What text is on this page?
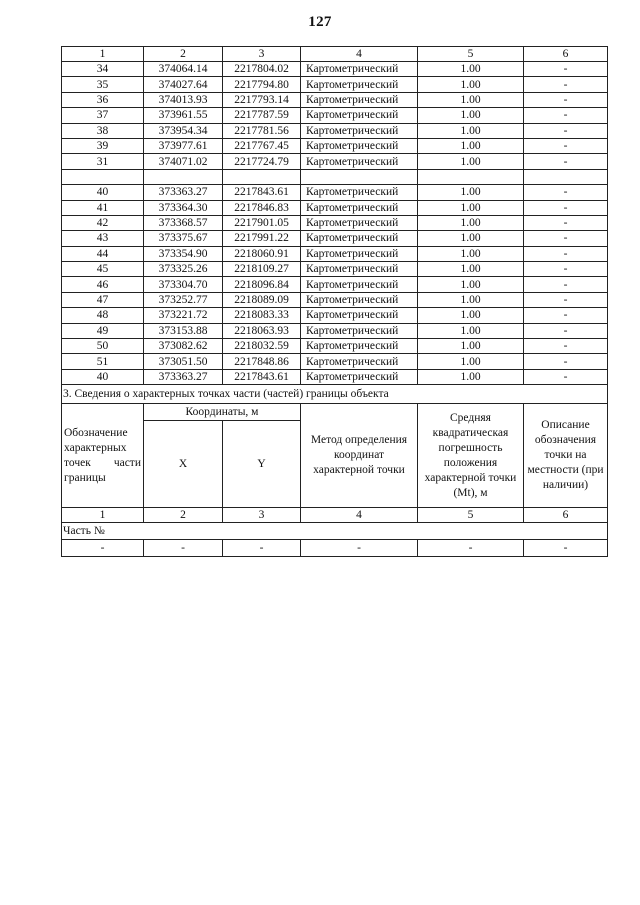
127
1	2	3	4	5	6
34	374064.14	2217804.02	Картометрический	1.00	-
35	374027.64	2217794.80	Картометрический	1.00	-
36	374013.93	2217793.14	Картометрический	1.00	-
37	373961.55	2217787.59	Картометрический	1.00	-
38	373954.34	2217781.56	Картометрический	1.00	-
39	373977.61	2217767.45	Картометрический	1.00	-
31	374071.02	2217724.79	Картометрический	1.00	-

40	373363.27	2217843.61	Картометрический	1.00	-
41	373364.30	2217846.83	Картометрический	1.00	-
42	373368.57	2217901.05	Картометрический	1.00	-
43	373375.67	2217991.22	Картометрический	1.00	-
44	373354.90	2218060.91	Картометрический	1.00	-
45	373325.26	2218109.27	Картометрический	1.00	-
46	373304.70	2218096.84	Картометрический	1.00	-
47	373252.77	2218089.09	Картометрический	1.00	-
48	373221.72	2218083.33	Картометрический	1.00	-
49	373153.88	2218063.93	Картометрический	1.00	-
50	373082.62	2218032.59	Картометрический	1.00	-
51	373051.50	2217848.86	Картометрический	1.00	-
40	373363.27	2217843.61	Картометрический	1.00	-
3. Сведения о характерных точках части (частей) границы объекта					
Обозначение характерных точек части границы	Координаты, м		Метод определения координат характерной точки	Средняя квадратическая погрешность положения характерной точки (Mt), м	Описание обозначения точки на местности (при наличии)
	X	Y			
1	2	3	4	5	6
Часть №					
-	-	-	-	-	-
